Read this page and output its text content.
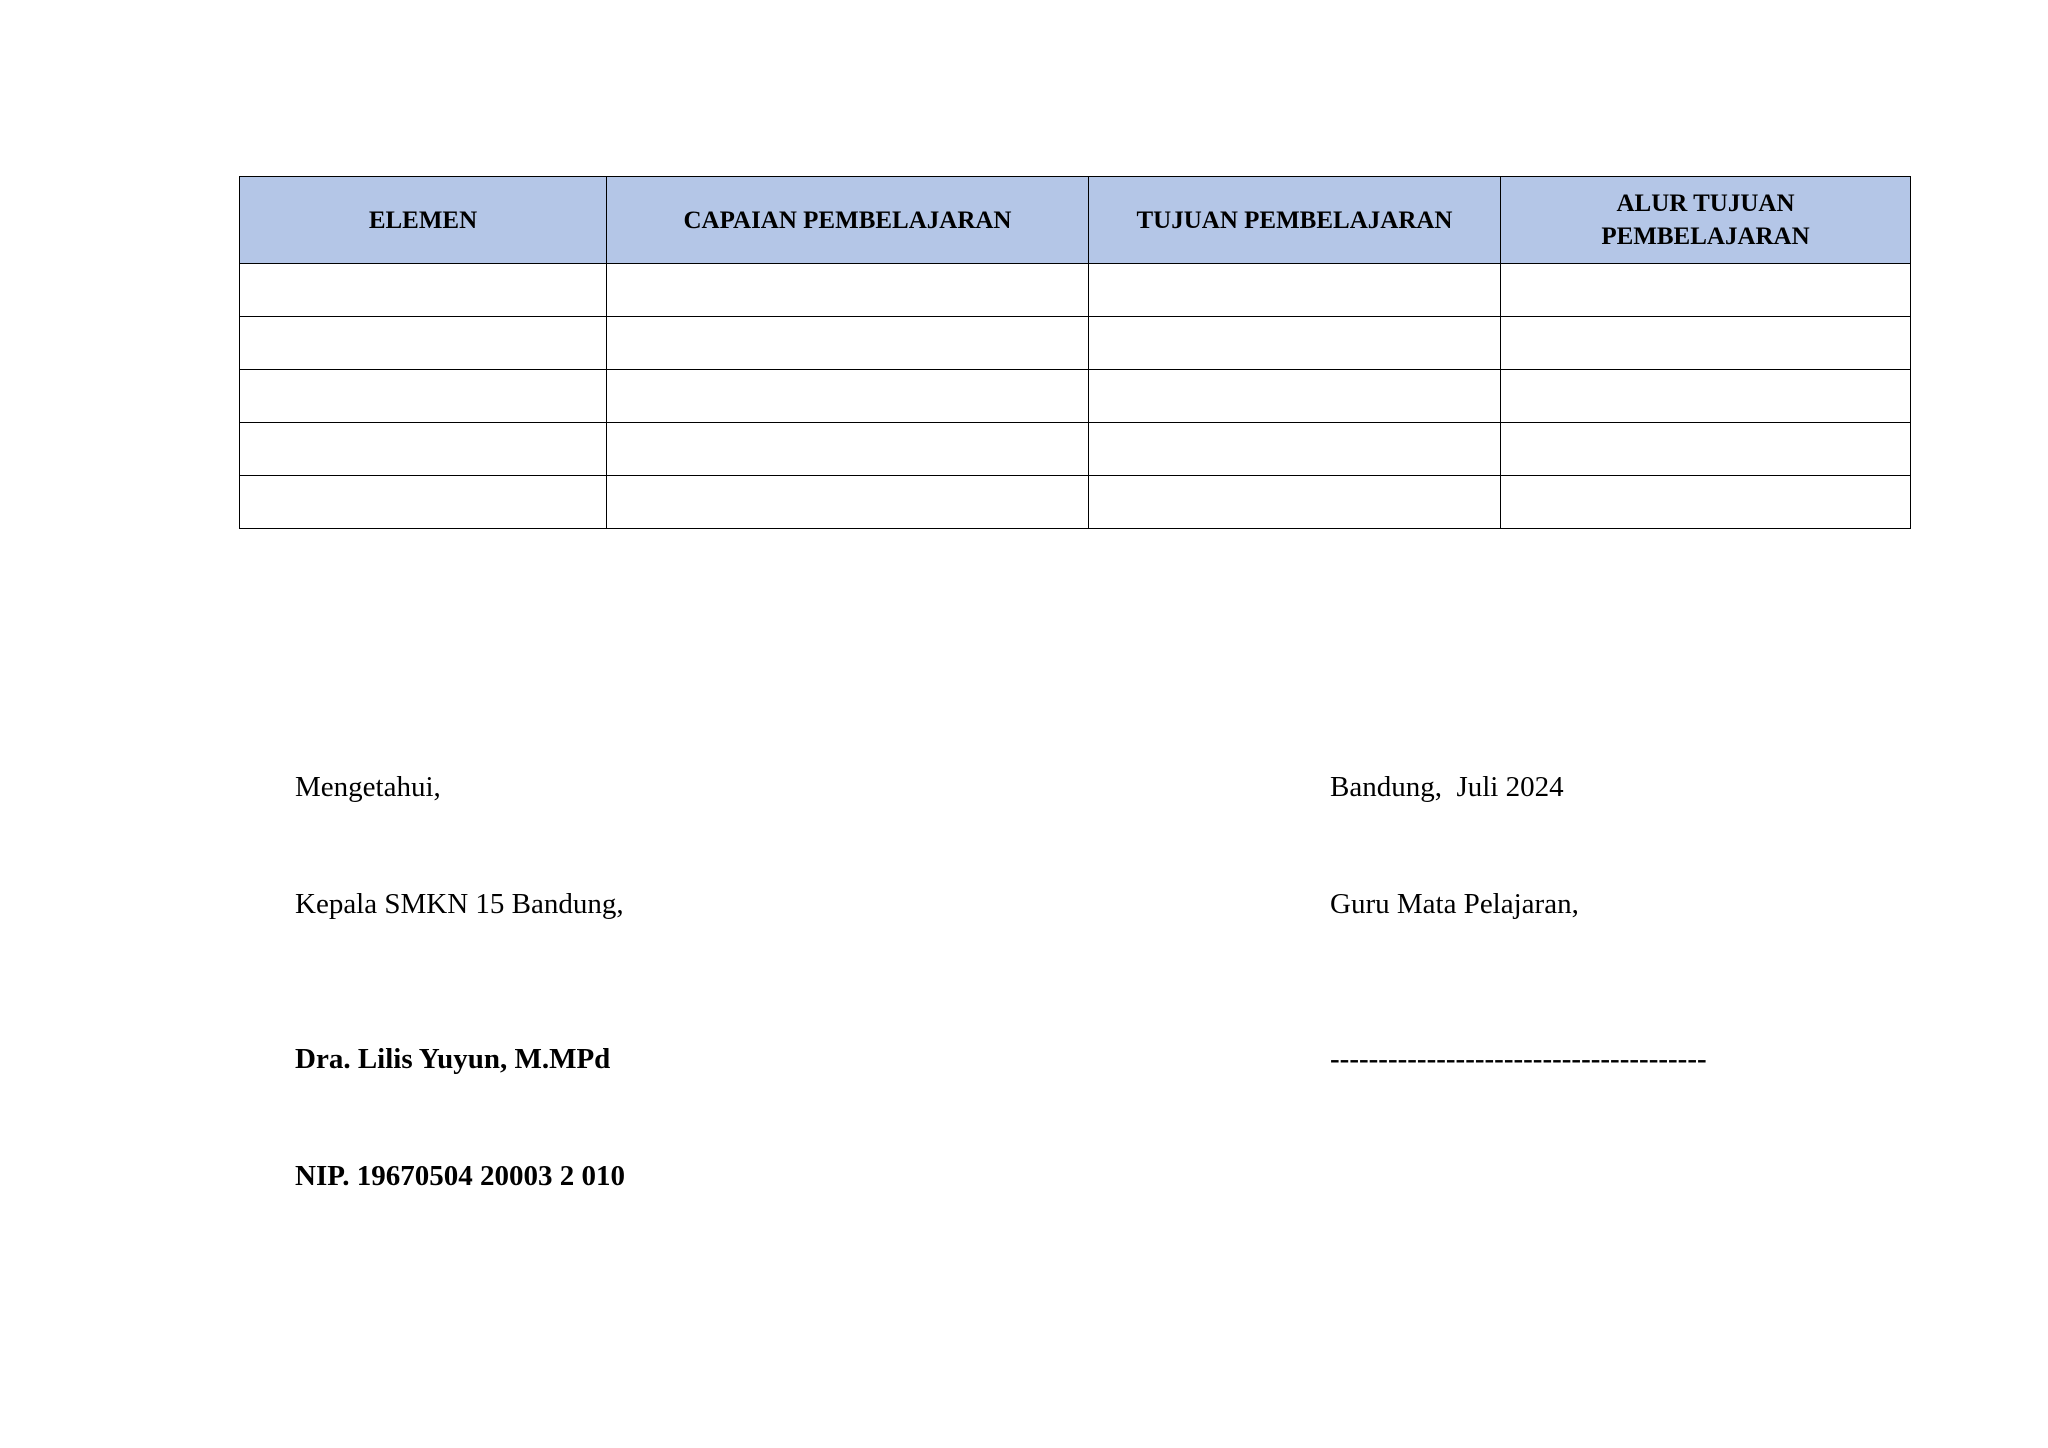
ELEMEN	CAPAIAN PEMBELAJARAN	TUJUAN PEMBELAJARAN	ALUR TUJUAN PEMBELAJARAN

Mengetahui,

Kepala SMKN 15 Bandung,

Bandung,  Juli 2024

Guru Mata Pelajaran,

Dra. Lilis Yuyun, M.MPd

NIP. 19670504 20003 2 010

---------------------------------------
